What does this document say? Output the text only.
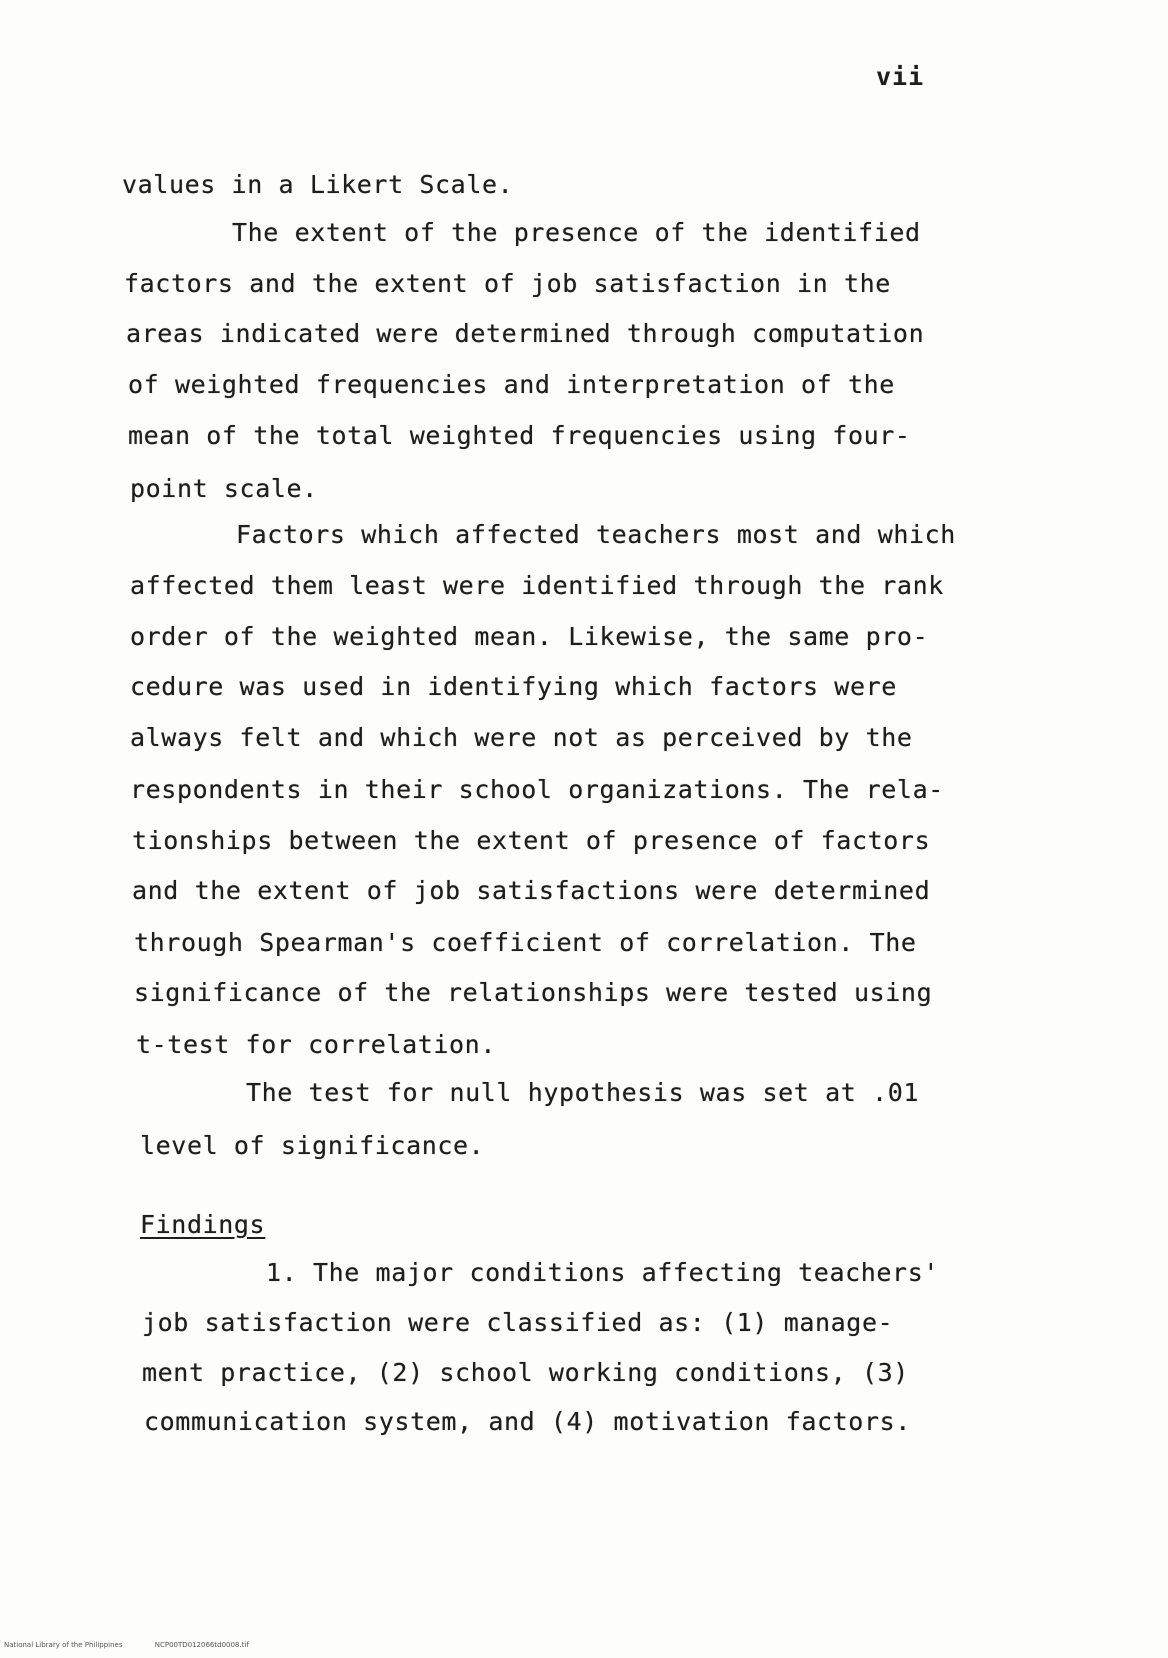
vii
values in a Likert Scale.
The extent of the presence of the identified
factors and the extent of job satisfaction in the
areas indicated were determined through computation
of weighted frequencies and interpretation of the
mean of the total weighted frequencies using four-
point scale.
Factors which affected teachers most and which
affected them least were identified through the rank
order of the weighted mean. Likewise, the same pro-
cedure was used in identifying which factors were
always felt and which were not as perceived by the
respondents in their school organizations. The rela-
tionships between the extent of presence of factors
and the extent of job satisfactions were determined
through Spearman's coefficient of correlation. The
significance of the relationships were tested using
t-test for correlation.
The test for null hypothesis was set at .01
level of significance.
Findings
1. The major conditions affecting teachers'
job satisfaction were classified as: (1) manage-
ment practice, (2) school working conditions, (3)
communication system, and (4) motivation factors.
National Library of the Philippines	NCP00TD012066td0008.tif
